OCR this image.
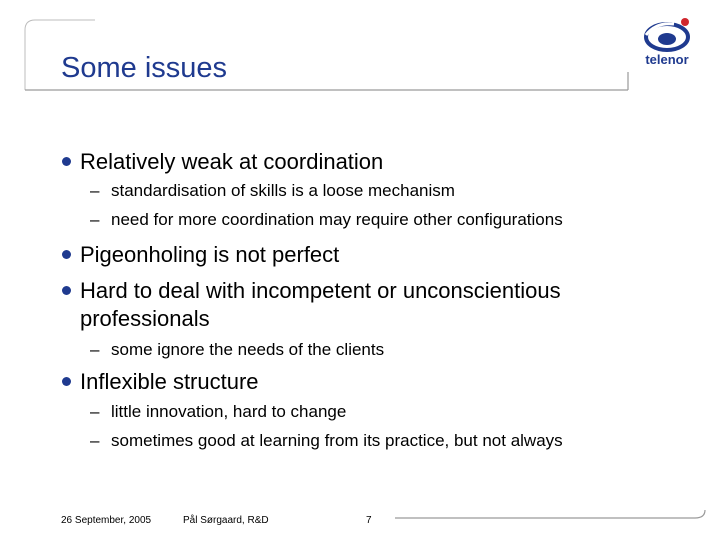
Some issues	telenor
Relatively weak at coordination
– standardisation of skills is a loose mechanism
– need for more coordination may require other configurations
Pigeonholing is not perfect
Hard to deal with incompetent or unconscientious
professionals
– some ignore the needs of the clients
Inflexible structure
– little innovation, hard to change
– sometimes good at learning from its practice, but not always
26 September, 2005	Pål Sørgaard, R&D	7
